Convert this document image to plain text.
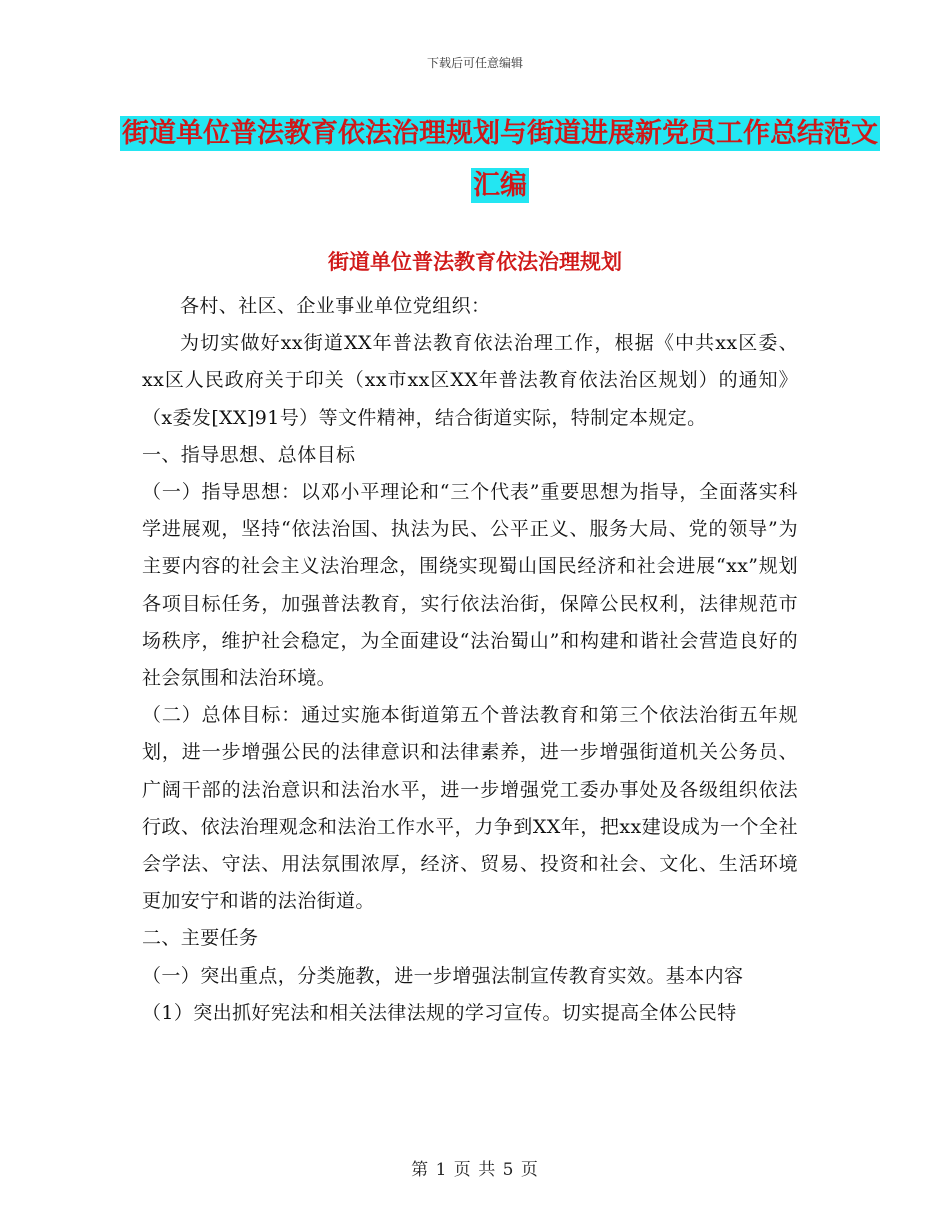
下载后可任意编辑
街道单位普法教育依法治理规划与街道进展新党员工作总结范文汇编
街道单位普法教育依法治理规划

各村、社区、企业事业单位党组织：

为切实做好xx街道XX年普法教育依法治理工作，根据《中共xx区委、xx区人民政府关于印关（xx市xx区XX年普法教育依法治区规划）的通知》（x委发[XX]91号）等文件精神，结合街道实际，特制定本规定。

一、指导思想、总体目标

（一）指导思想：以邓小平理论和“三个代表”重要思想为指导，全面落实科学进展观，坚持“依法治国、执法为民、公平正义、服务大局、党的领导”为主要内容的社会主义法治理念，围绕实现蜀山国民经济和社会进展“xx”规划各项目标任务，加强普法教育，实行依法治街，保障公民权利，法律规范市场秩序，维护社会稳定，为全面建设“法治蜀山”和构建和谐社会营造良好的社会氛围和法治环境。

（二）总体目标：通过实施本街道第五个普法教育和第三个依法治街五年规划，进一步增强公民的法律意识和法律素养，进一步增强街道机关公务员、广阔干部的法治意识和法治水平，进一步增强党工委办事处及各级组织依法行政、依法治理观念和法治工作水平，力争到XX年，把xx建设成为一个全社会学法、守法、用法氛围浓厚，经济、贸易、投资和社会、文化、生活环境更加安宁和谐的法治街道。

二、主要任务

（一）突出重点，分类施教，进一步增强法制宣传教育实效。基本内容

（1）突出抓好宪法和相关法律法规的学习宣传。切实提高全体公民特

第 1 页 共 5 页
